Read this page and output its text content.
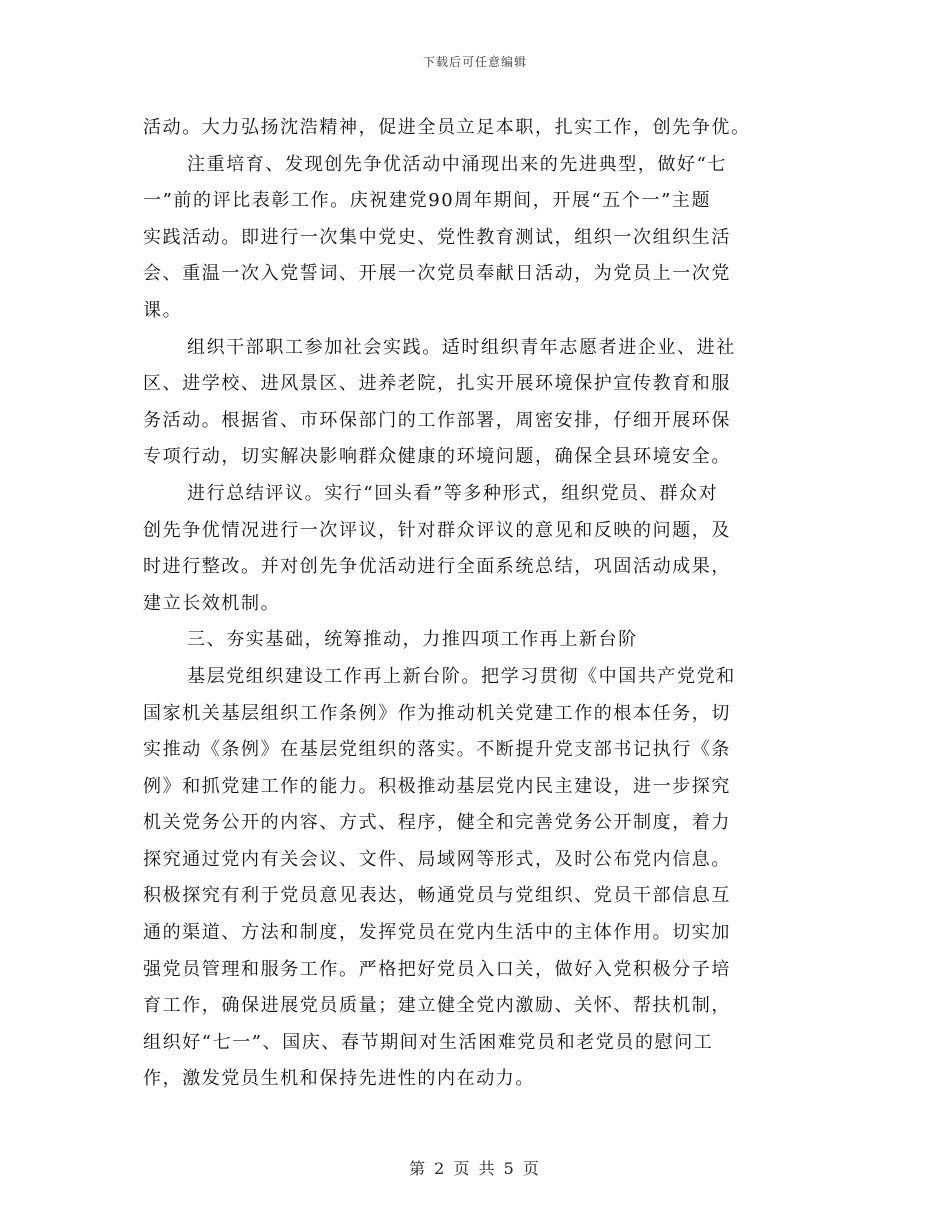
下载后可任意编辑
活动。大力弘扬沈浩精神，促进全员立足本职，扎实工作，创先争优。
注重培育、发现创先争优活动中涌现出来的先进典型，做好“七
一”前的评比表彰工作。庆祝建党90周年期间，开展“五个一”主题
实践活动。即进行一次集中党史、党性教育测试，组织一次组织生活
会、重温一次入党誓词、开展一次党员奉献日活动，为党员上一次党
课。
组织干部职工参加社会实践。适时组织青年志愿者进企业、进社
区、进学校、进风景区、进养老院，扎实开展环境保护宣传教育和服
务活动。根据省、市环保部门的工作部署，周密安排，仔细开展环保
专项行动，切实解决影响群众健康的环境问题，确保全县环境安全。
进行总结评议。实行“回头看”等多种形式，组织党员、群众对
创先争优情况进行一次评议，针对群众评议的意见和反映的问题，及
时进行整改。并对创先争优活动进行全面系统总结，巩固活动成果，
建立长效机制。
三、夯实基础，统筹推动，力推四项工作再上新台阶
基层党组织建设工作再上新台阶。把学习贯彻《中国共产党党和
国家机关基层组织工作条例》作为推动机关党建工作的根本任务，切
实推动《条例》在基层党组织的落实。不断提升党支部书记执行《条
例》和抓党建工作的能力。积极推动基层党内民主建设，进一步探究
机关党务公开的内容、方式、程序，健全和完善党务公开制度，着力
探究通过党内有关会议、文件、局域网等形式，及时公布党内信息。
积极探究有利于党员意见表达，畅通党员与党组织、党员干部信息互
通的渠道、方法和制度，发挥党员在党内生活中的主体作用。切实加
强党员管理和服务工作。严格把好党员入口关，做好入党积极分子培
育工作，确保进展党员质量；建立健全党内激励、关怀、帮扶机制，
组织好“七一”、国庆、春节期间对生活困难党员和老党员的慰问工
作，激发党员生机和保持先进性的内在动力。
第 2 页 共 5 页
